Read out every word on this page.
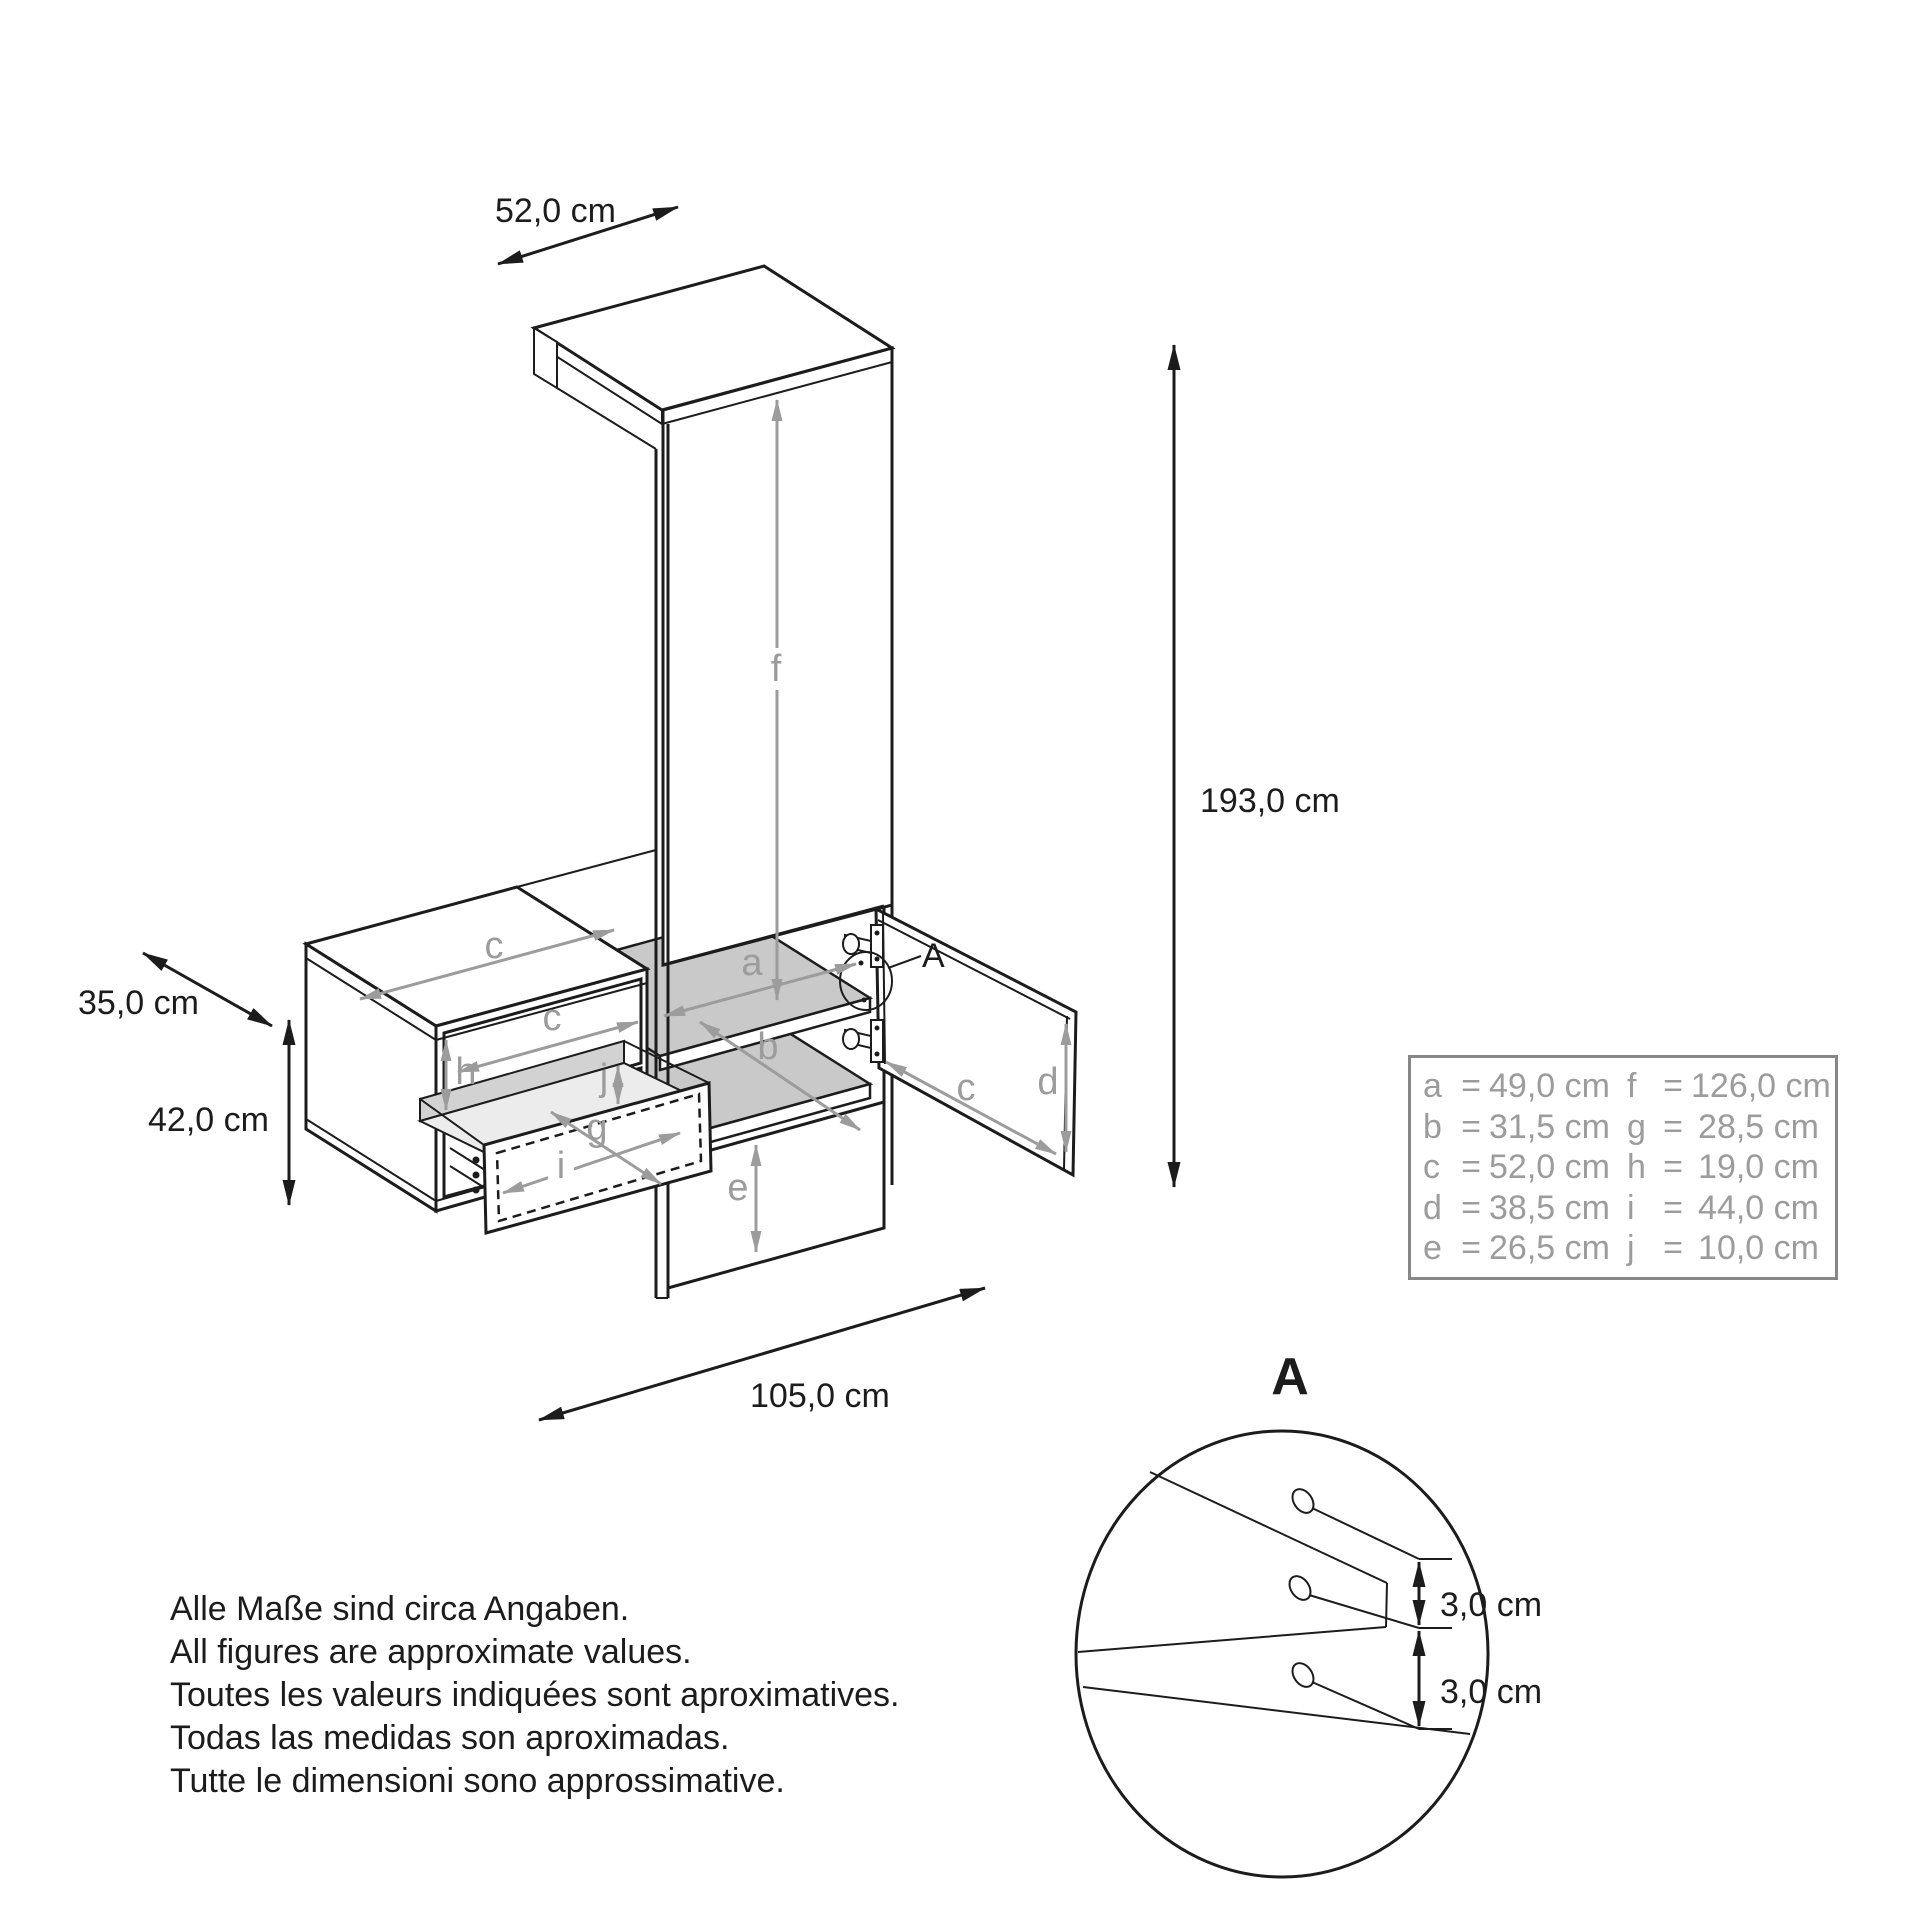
A
f
c
c
h	j
g
i
a
b
e
d
c
52,0 cm
35,0 cm
42,0 cm
105,0 cm
193,0 cm
A
3,0 cm
3,0 cm
a = 49,0 cm f = 126,0 cm
b = 31,5 cm g = 28,5 cm
c = 52,0 cm h = 19,0 cm
d = 38,5 cm i = 44,0 cm
e = 26,5 cm j = 10,0 cm
Alle Maße sind circa Angaben.
All figures are approximate values.
Toutes les valeurs indiquées sont aproximatives.
Todas las medidas son aproximadas.
Tutte le dimensioni sono approssimative.
